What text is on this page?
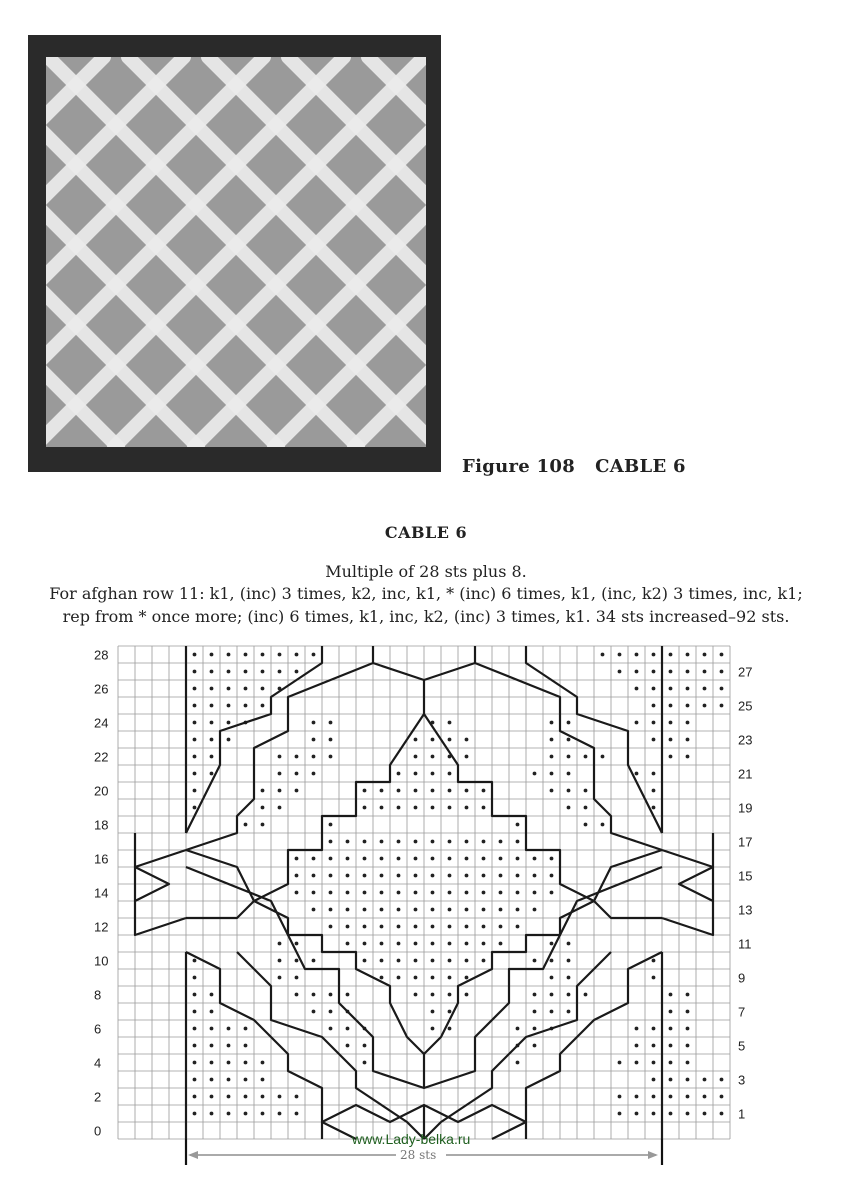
Figure 108 CABLE 6
CABLE 6
Multiple of 28 sts plus 8.
For afghan row 11: k1, (inc) 3 times, k2, inc, k1, * (inc) 6 times, k1, (inc, k2) 3 times, inc, k1;
rep from * once more; (inc) 6 times, k1, inc, k2, (inc) 3 times, k1. 34 sts increased–92 sts.
0
2
4
6
8
10
12
14
16
18
20
22
24
26
28
1
3
5
7
9
11
13
15
17
19
21
23
25
27
www.Lady-belka.ru
28 sts
